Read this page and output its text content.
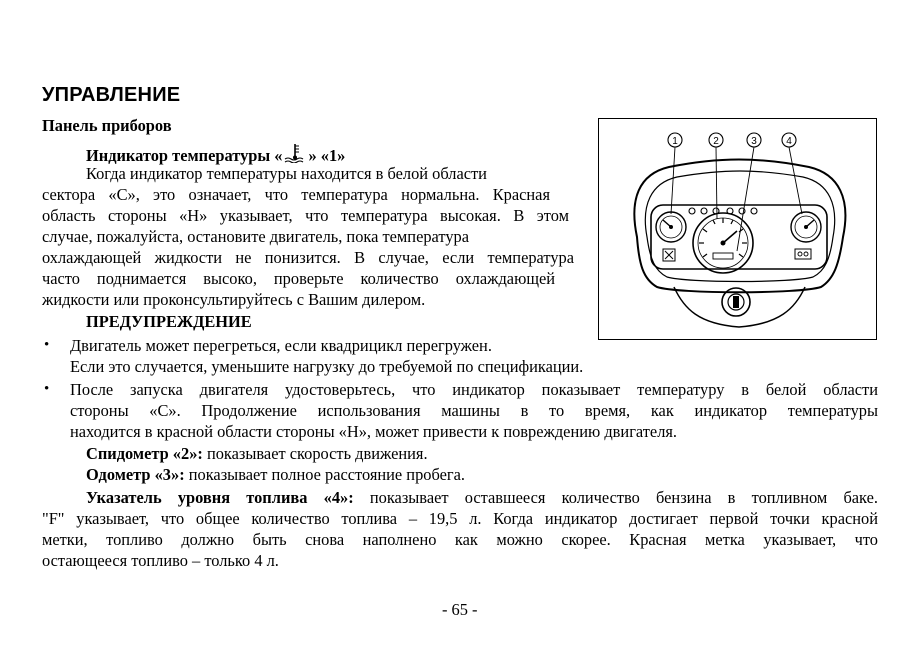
УПРАВЛЕНИЕ
Панель приборов
Индикатор температуры « » «1»
Когда индикатор температуры находится в белой области
сектора «С», это означает, что температура нормальна. Красная
область стороны «Н» указывает, что температура высокая. В этом
случае, пожалуйста, остановите двигатель, пока температура
охлаждающей жидкости не понизится. В случае, если температура
часто поднимается высоко, проверьте количество охлаждающей
жидкости или проконсультируйтесь с Вашим дилером.
ПРЕДУПРЕЖДЕНИЕ
• Двигатель может перегреться, если квадрицикл перегружен.
Если это случается, уменьшите нагрузку до требуемой по спецификации.
• После запуска двигателя удостоверьтесь, что индикатор показывает температуру в белой области
стороны «С». Продолжение использования машины в то время, как индикатор температуры
находится в красной области стороны «Н», может привести к повреждению двигателя.
Спидометр «2»: показывает скорость движения.
Одометр «3»: показывает полное расстояние пробега.
Указатель уровня топлива «4»: показывает оставшееся количество бензина в топливном баке.
"F" указывает, что общее количество топлива – 19,5 л. Когда индикатор достигает первой точки красной
метки, топливо должно быть снова наполнено как можно скорее. Красная метка указывает, что
остающееся топливо – только 4 л.
- 65 -
1	2	3	4
